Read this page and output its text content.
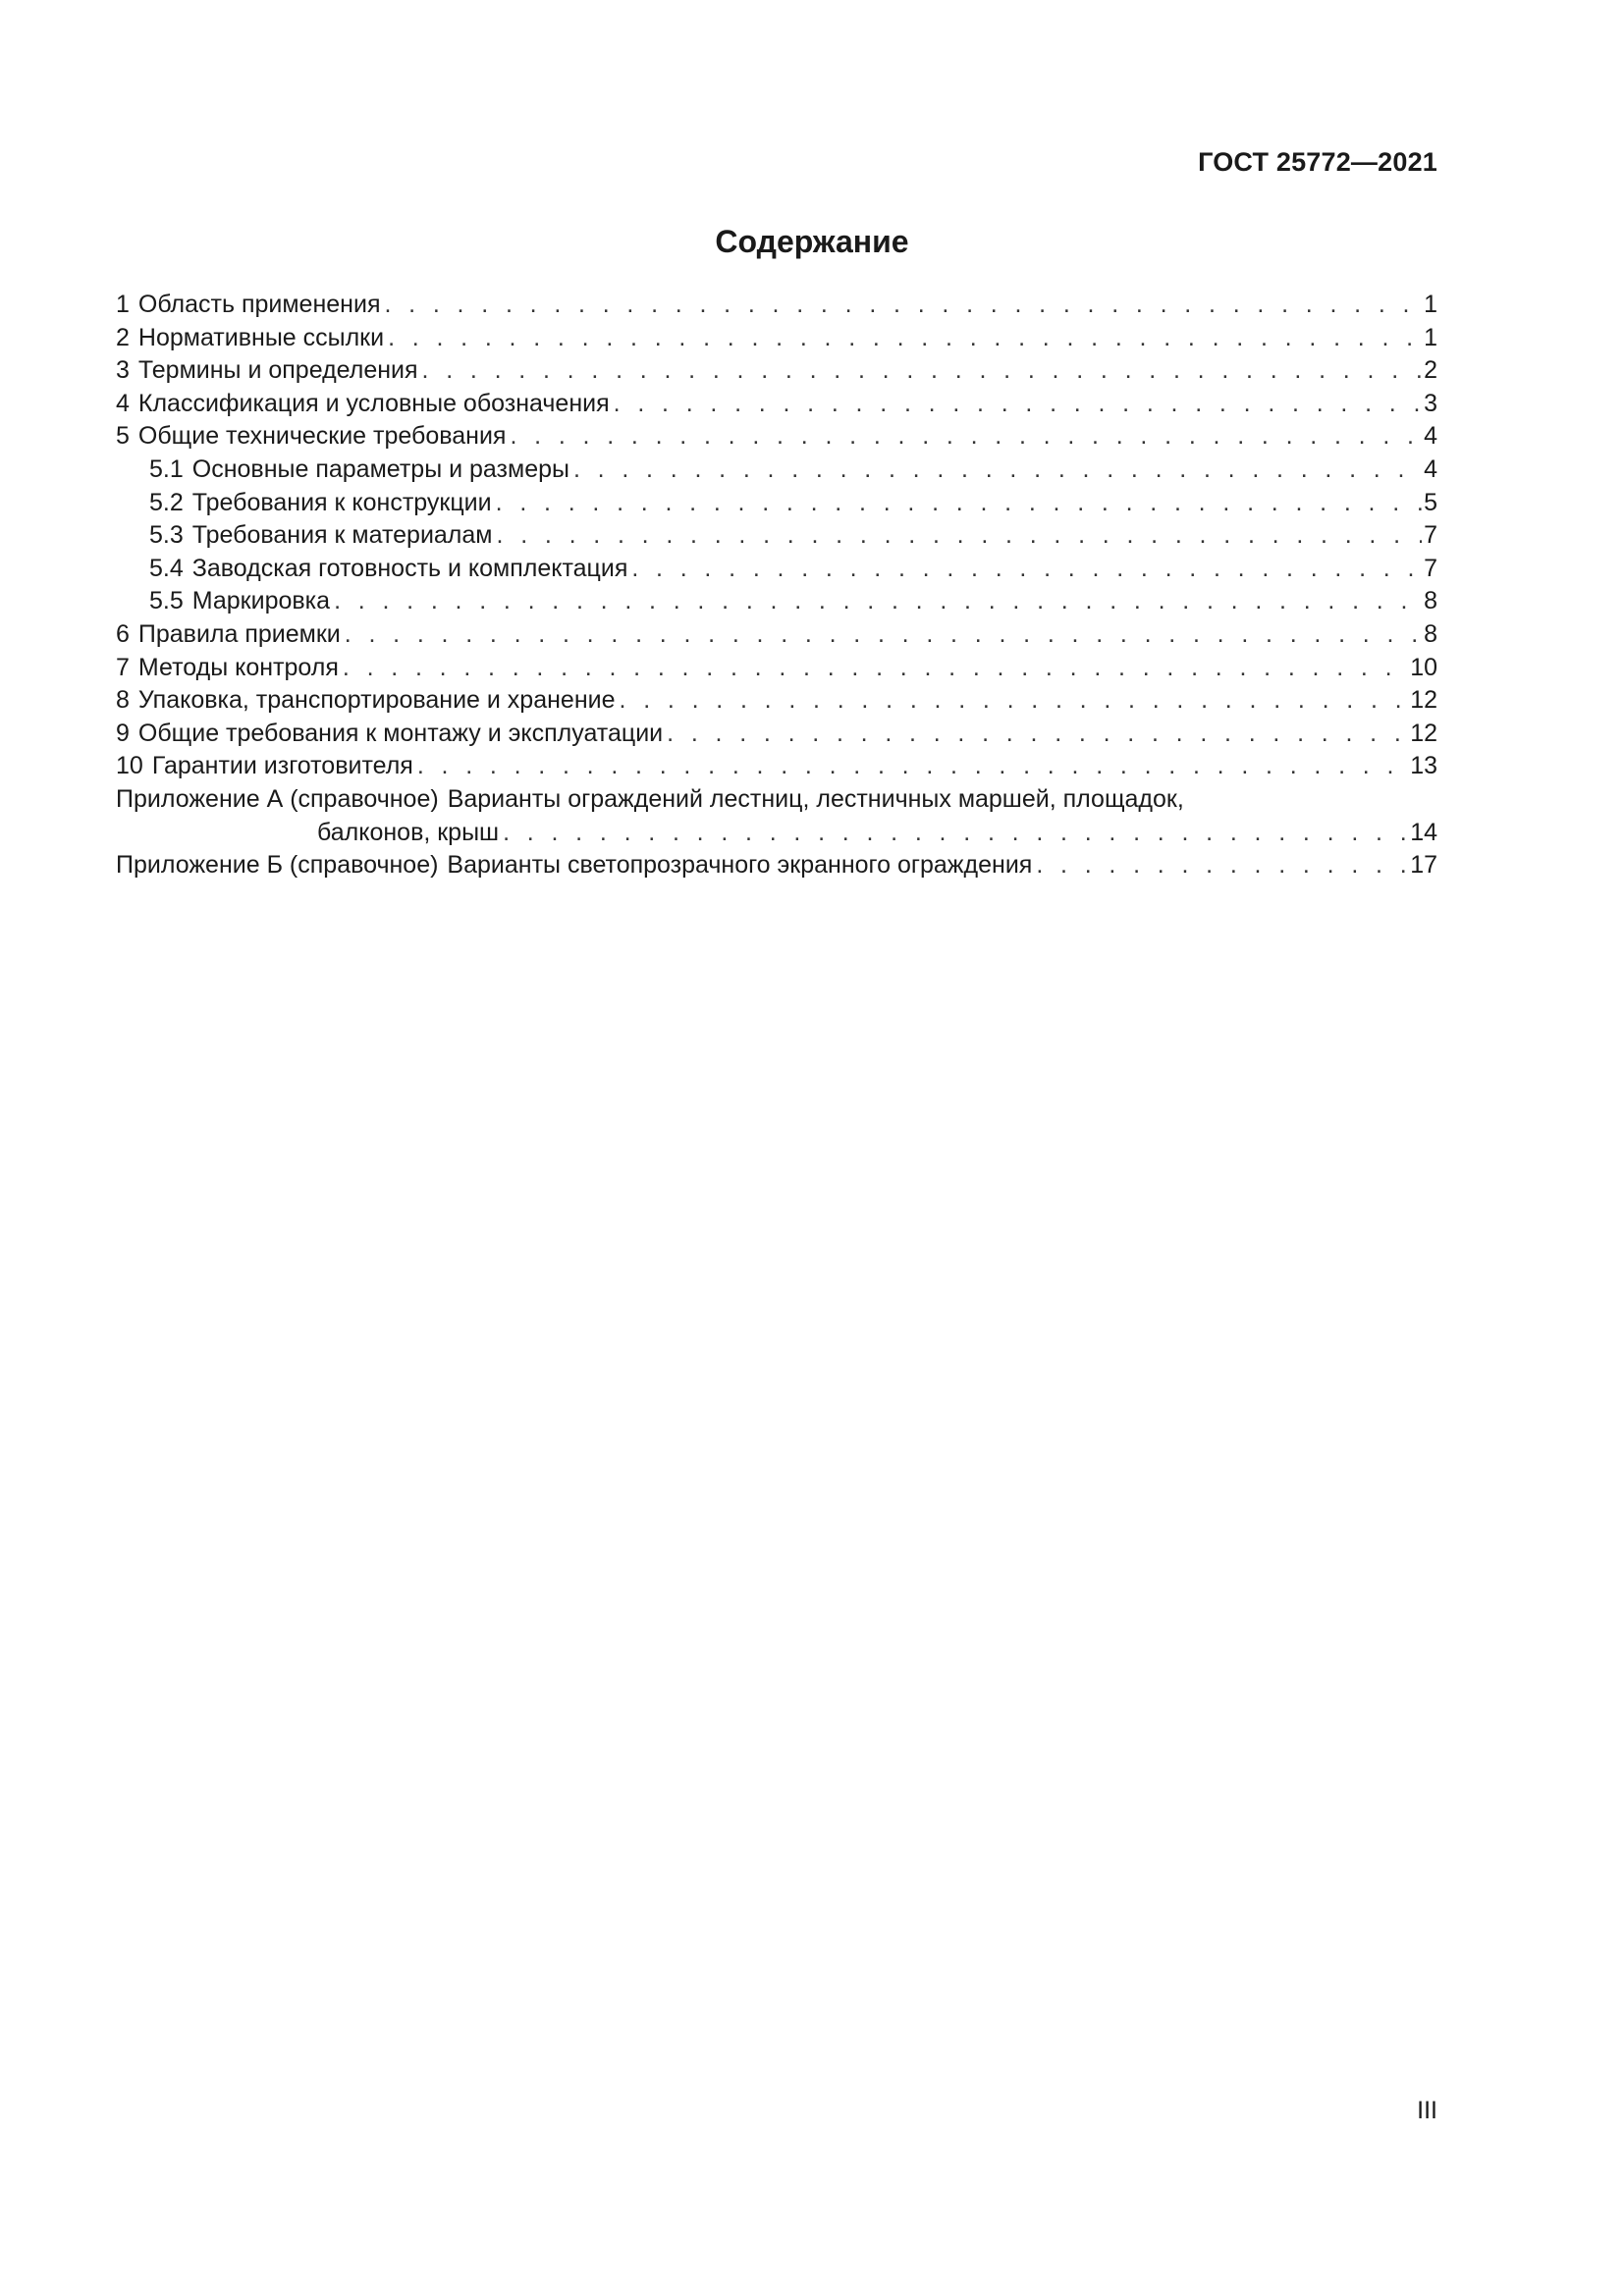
ГОСТ 25772—2021
Содержание
1 Область применения . . .	1
2 Нормативные ссылки . . .	1
3 Термины и определения . . .	2
4 Классификация и условные обозначения . . .	3
5 Общие технические требования . . .	4
5.1 Основные параметры и размеры . . .	4
5.2 Требования к конструкции . . .	5
5.3 Требования к материалам . . .	7
5.4 Заводская готовность и комплектация . . .	7
5.5 Маркировка . . .	8
6 Правила приемки . . .	8
7 Методы контроля . . .	10
8 Упаковка, транспортирование и хранение . . .	12
9 Общие требования к монтажу и эксплуатации . . .	12
10 Гарантии изготовителя . . .	13
Приложение А (справочное) Варианты ограждений лестниц, лестничных маршей, площадок,
балконов, крыш . . .	14
Приложение Б (справочное) Варианты светопрозрачного экранного ограждения . . .	17
III
